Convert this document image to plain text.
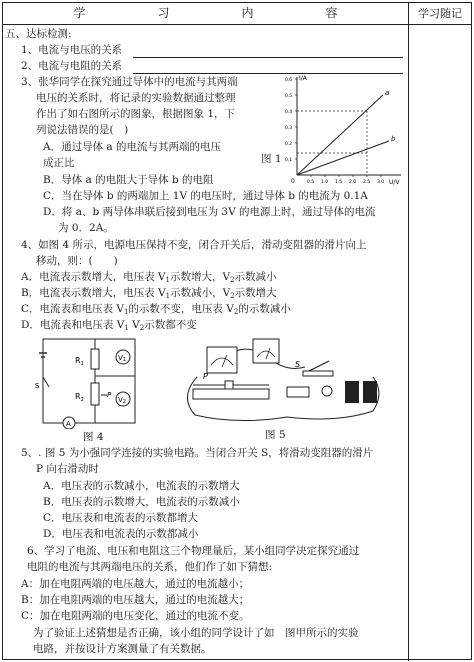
学　习　内　容	学习随记
五、达标检测:
1、电流与电压的关系
2、电流与电阻的关系
3、张华同学在探究通过导体中的电流与其两端
电压的关系时，将记录的实验数据通过整理
作出了如右图所示的图象，根据图象 1，下
列说法错误的是(　)
A．通过导体 a 的电流与其两端的电压
成正比	图 1
I/A
U/V
0
0.1
0.2
0.3
0.4
0.5
0.6
0.5 1.0 1.5 2.0 2.5 3.0
a
b
B．导体 a 的电阻大于导体 b 的电阻
C．当在导体 b 的两端加上 1V 的电压时，通过导体 b 的电流为 0.1A
D．将 a、b 两导体串联后接到电压为 3V 的电源上时，通过导体的电流
为 0．2A。
4、如图 4 所示，电源电压保持不变，闭合开关后，滑动变阻器的滑片向上
移动，则：(　　)
A．电流表示数增大，电压表 $V_1$示数增大，$V_2$示数减小
B．电流表示数增大，电压表 $V_1$示数减小，$V_2$示数增大
C．电流表和电压表 $V_1$的示数不变，电压表 $V_2$的示数减小
D．电流表和电压表 $V_1$ $V_2$示数都不变
$R_1$
$R_2$
P
V1
V2
S
A
图 4
S
P
图 5
5、. 图 5 为小强同学连接的实验电路。当闭合开关 S，将滑动变阻器的滑片
P 向右滑动时
A．电压表的示数减小，电流表的示数增大
B．电压表的示数增大，电流表的示数减小
C．电压表和电流表的示数都增大
D．电压表和电流表的示数都减小
6、学习了电流、电压和电阻这三个物理量后，某小组同学决定探究通过
电阻的电流与其两端电压的关系，他们作了如下猜想:
A：加在电阻两端的电压越大，通过的电流越小；
B：加在电阻两端的电压越大，通过的电流越大；
C：加在电阻两端的电压变化，通过的电流不变。
为了验证上述猜想是否正确，该小组的同学设计了如　图甲所示的实验
电路，并按设计方案测量了有关数据。
